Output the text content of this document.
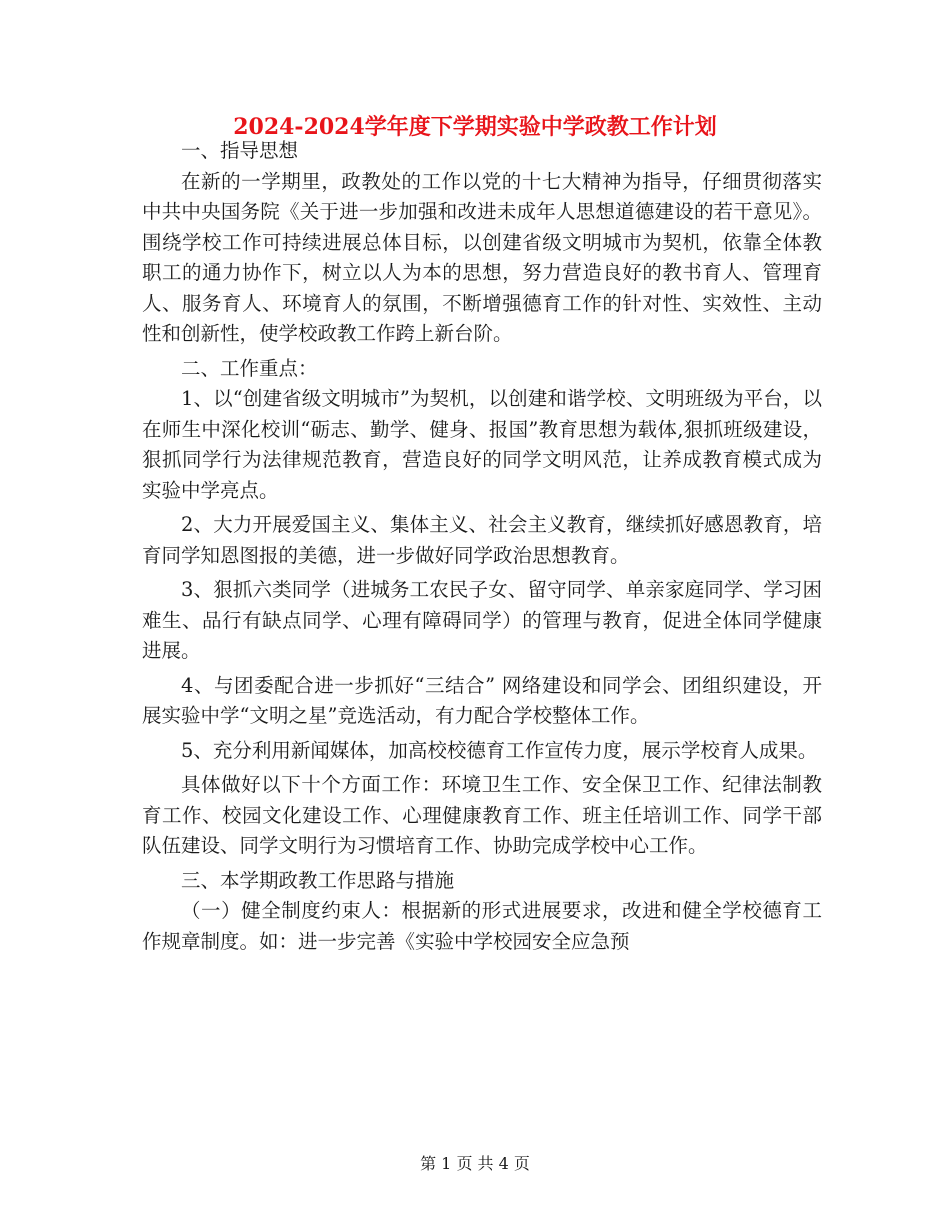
2024-2024学年度下学期实验中学政教工作计划

一、指导思想

在新的一学期里，政教处的工作以党的十七大精神为指导，仔细贯彻落实中共中央国务院《关于进一步加强和改进未成年人思想道德建设的若干意见》。围绕学校工作可持续进展总体目标，以创建省级文明城市为契机，依靠全体教职工的通力协作下，树立以人为本的思想，努力营造良好的教书育人、管理育人、服务育人、环境育人的氛围，不断增强德育工作的针对性、实效性、主动性和创新性，使学校政教工作跨上新台阶。

二、工作重点：

1、以“创建省级文明城市”为契机，以创建和谐学校、文明班级为平台，以在师生中深化校训“砺志、勤学、健身、报国”教育思想为载体,狠抓班级建设，狠抓同学行为法律规范教育，营造良好的同学文明风范，让养成教育模式成为实验中学亮点。

2、大力开展爱国主义、集体主义、社会主义教育，继续抓好感恩教育，培育同学知恩图报的美德，进一步做好同学政治思想教育。

3、狠抓六类同学（进城务工农民子女、留守同学、单亲家庭同学、学习困难生、品行有缺点同学、心理有障碍同学）的管理与教育，促进全体同学健康进展。

4、与团委配合进一步抓好“三结合” 网络建设和同学会、团组织建设，开展实验中学“文明之星”竞选活动，有力配合学校整体工作。

5、充分利用新闻媒体，加高校校德育工作宣传力度，展示学校育人成果。

具体做好以下十个方面工作：环境卫生工作、安全保卫工作、纪律法制教育工作、校园文化建设工作、心理健康教育工作、班主任培训工作、同学干部队伍建设、同学文明行为习惯培育工作、协助完成学校中心工作。

三、本学期政教工作思路与措施

（一）健全制度约束人：根据新的形式进展要求，改进和健全学校德育工作规章制度。如：进一步完善《实验中学校园安全应急预

第 1 页 共 4 页
